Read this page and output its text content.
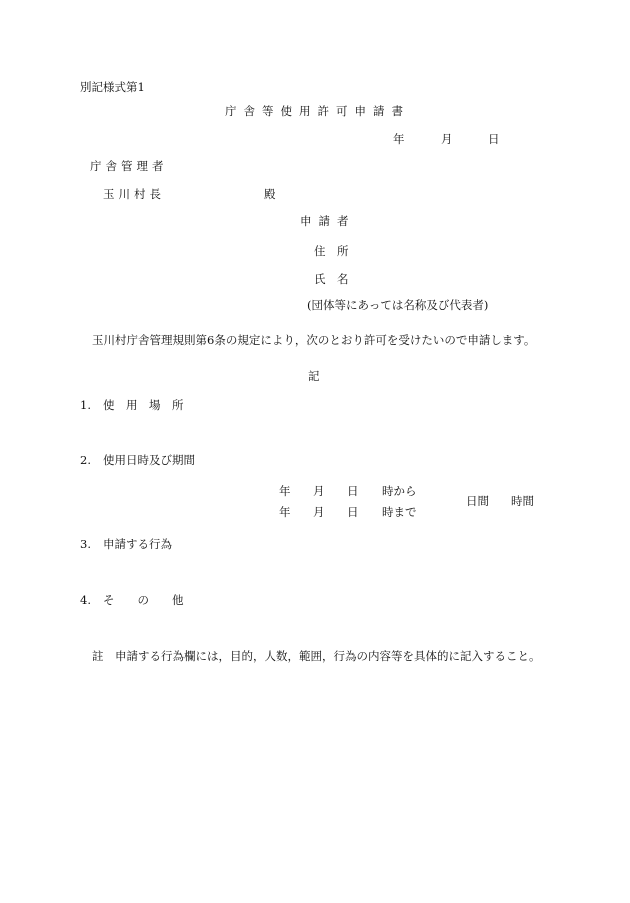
別記様式第1
庁舎等使用許可申請書
年	月	日
庁舎管理者
玉川村長	殿
申請者
住　所
氏　名
(団体等にあっては名称及び代表者)
玉川村庁舎管理規則第6条の規定により，次のとおり許可を受けたいので申請します。
記
1. 使　用　場　所
2. 使用日時及び期間
年 月 日 時から
日間 時間
年 月 日 時まで
3. 申請する行為
4. そ　　の　　他
註　申請する行為欄には，目的，人数，範囲，行為の内容等を具体的に記入すること。
